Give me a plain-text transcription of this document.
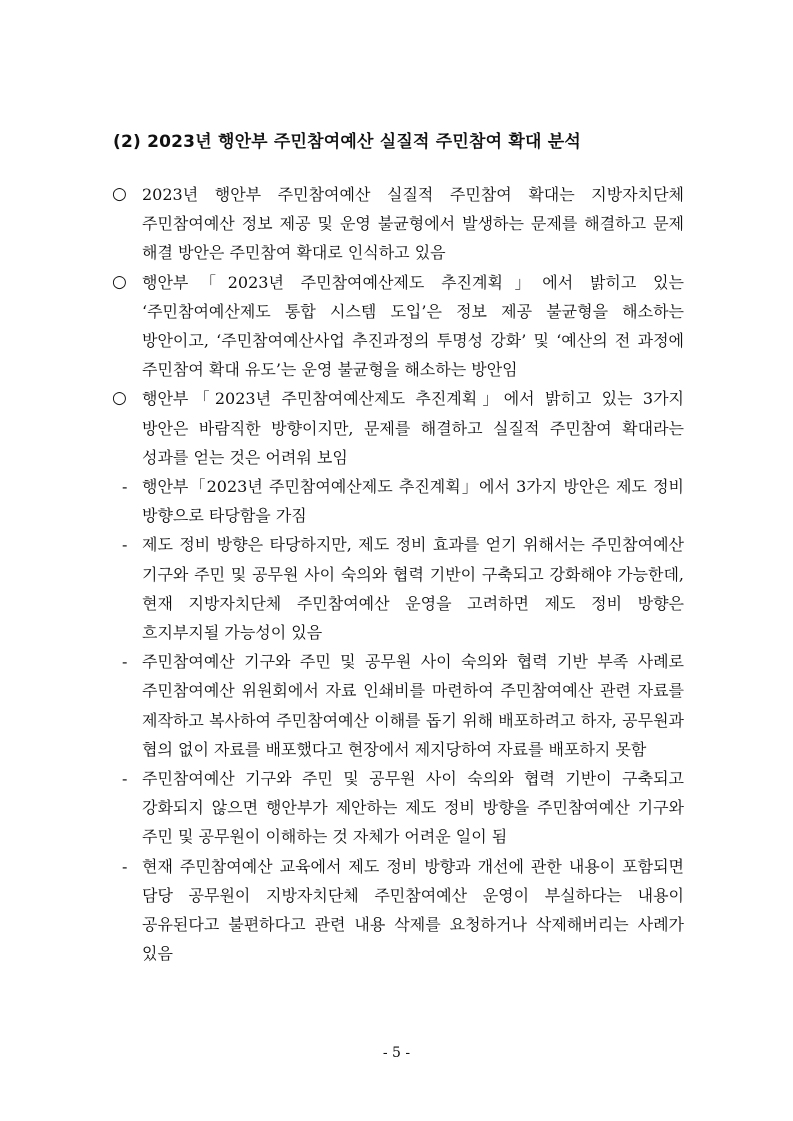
(2) 2023년 행안부 주민참여예산 실질적 주민참여 확대 분석

○ 2023년 행안부 주민참여예산 실질적 주민참여 확대는 지방자치단체 주민참여예산 정보 제공 및 운영 불균형에서 발생하는 문제를 해결하고 문제 해결 방안은 주민참여 확대로 인식하고 있음

○ 행안부「2023년 주민참여예산제도 추진계획」에서 밝히고 있는 ‘주민참여예산제도 통합 시스템 도입’은 정보 제공 불균형을 해소하는 방안이고, ‘주민참여예산사업 추진과정의 투명성 강화’ 및 ‘예산의 전 과정에 주민참여 확대 유도’는 운영 불균형을 해소하는 방안임

○ 행안부「2023년 주민참여예산제도 추진계획」에서 밝히고 있는 3가지 방안은 바람직한 방향이지만, 문제를 해결하고 실질적 주민참여 확대라는 성과를 얻는 것은 어려워 보임

- 행안부「2023년 주민참여예산제도 추진계획」에서 3가지 방안은 제도 정비 방향으로 타당함을 가짐

- 제도 정비 방향은 타당하지만, 제도 정비 효과를 얻기 위해서는 주민참여예산 기구와 주민 및 공무원 사이 숙의와 협력 기반이 구축되고 강화해야 가능한데, 현재 지방자치단체 주민참여예산 운영을 고려하면 제도 정비 방향은 흐지부지될 가능성이 있음

- 주민참여예산 기구와 주민 및 공무원 사이 숙의와 협력 기반 부족 사례로 주민참여예산 위원회에서 자료 인쇄비를 마련하여 주민참여예산 관련 자료를 제작하고 복사하여 주민참여예산 이해를 돕기 위해 배포하려고 하자, 공무원과 협의 없이 자료를 배포했다고 현장에서 제지당하여 자료를 배포하지 못함

- 주민참여예산 기구와 주민 및 공무원 사이 숙의와 협력 기반이 구축되고 강화되지 않으면 행안부가 제안하는 제도 정비 방향을 주민참여예산 기구와 주민 및 공무원이 이해하는 것 자체가 어려운 일이 됨

- 현재 주민참여예산 교육에서 제도 정비 방향과 개선에 관한 내용이 포함되면 담당 공무원이 지방자치단체 주민참여예산 운영이 부실하다는 내용이 공유된다고 불편하다고 관련 내용 삭제를 요청하거나 삭제해버리는 사례가 있음

- 5 -
